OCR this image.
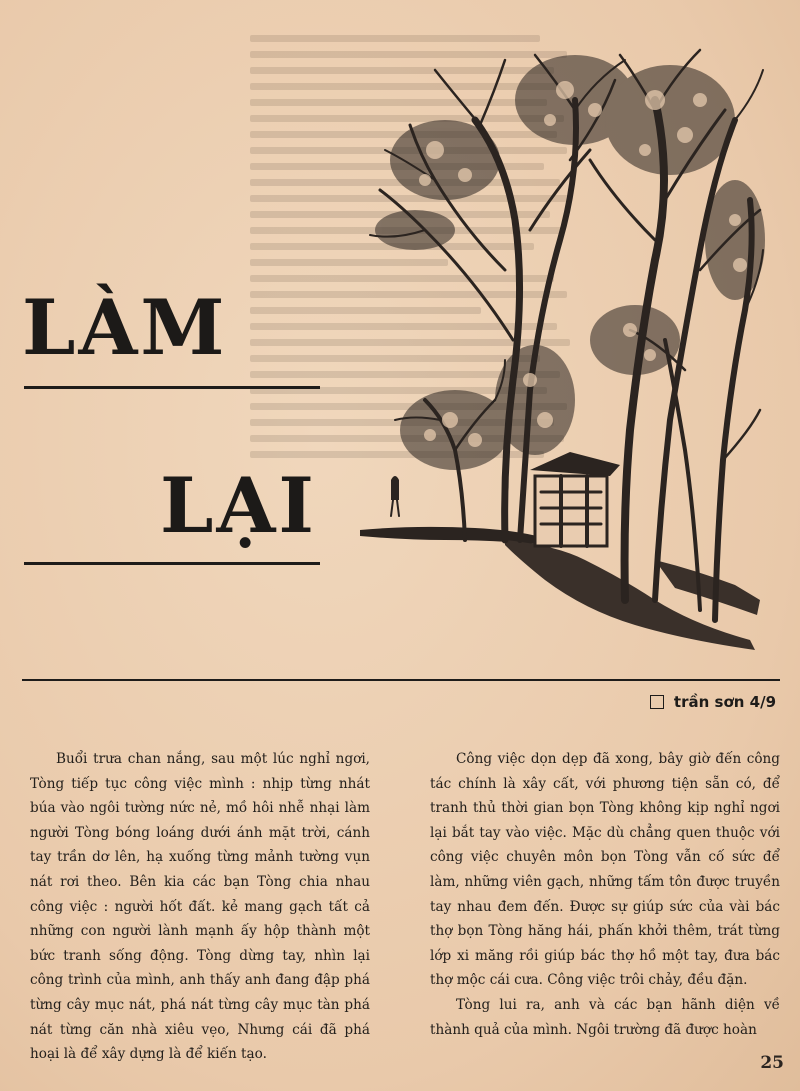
LÀM
LẠI
trần sơn 4/9

Buổi trưa chan nắng, sau một lúc nghỉ ngơi, Tòng tiếp tục công việc mình : nhịp từng nhát búa vào ngôi tường nức nẻ, mồ hôi nhễ nhại làm người Tòng bóng loáng dưới ánh mặt trời, cánh tay trần dơ lên, hạ xuống từng mảnh tường vụn nát rơi theo. Bên kia các bạn Tòng chia nhau công việc : người hốt đất. kẻ mang gạch tất cả những con người lành mạnh ấy hộp thành một bức tranh sống động. Tòng dừng tay, nhìn lại công trình của mình, anh thấy anh đang đập phá từng cây mục nát, phá nát từng cây mục tàn phá nát từng căn nhà xiêu vẹo, Nhưng cái đã phá hoại là để xây dựng là để kiến tạo.

Công việc dọn dẹp đã xong, bây giờ đến công tác chính là xây cất, với phương tiện sẵn có, để tranh thủ thời gian bọn Tòng không kịp nghỉ ngơi lại bắt tay vào việc. Mặc dù chẳng quen thuộc với công việc chuyên môn bọn Tòng vẫn cố sức để làm, những viên gạch, những tấm tôn được truyền tay nhau đem đến. Được sự giúp sức của vài bác thợ bọn Tòng hăng hái, phấn khởi thêm, trát từng lớp xi măng rồi giúp bác thợ hồ một tay, đưa bác thợ mộc cái cưa. Công việc trôi chảy, đều đặn.

Tòng lui ra, anh và các bạn hãnh diện về thành quả của mình. Ngôi trường đã được hoàn

25
